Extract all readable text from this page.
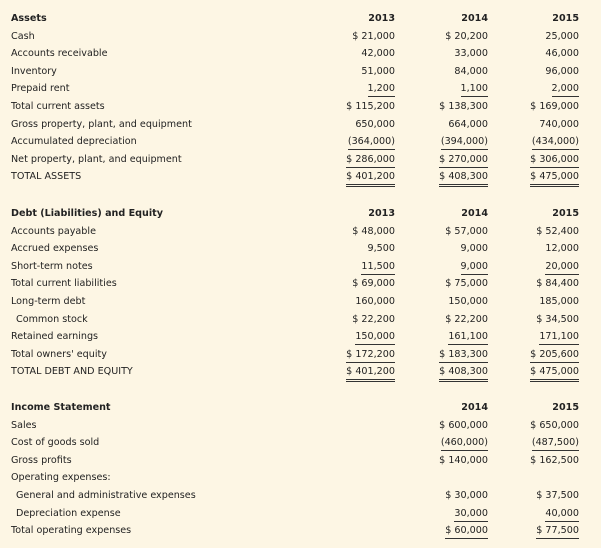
Assets	2013	2014	2015
Cash	$ 21,000	$ 20,200	25,000
Accounts receivable	42,000	33,000	46,000
Inventory	51,000	84,000	96,000
Prepaid rent	1,200	1,100	2,000
Total current assets	$ 115,200	$ 138,300	$ 169,000
Gross property, plant, and equipment	650,000	664,000	740,000
Accumulated depreciation	(364,000)	(394,000)	(434,000)
Net property, plant, and equipment	$ 286,000	$ 270,000	$ 306,000
TOTAL ASSETS	$ 401,200	$ 408,300	$ 475,000
Debt (Liabilities) and Equity	2013	2014	2015
Accounts payable	$ 48,000	$ 57,000	$ 52,400
Accrued expenses	9,500	9,000	12,000
Short-term notes	11,500	9,000	20,000
Total current liabilities	$ 69,000	$ 75,000	$ 84,400
Long-term debt	160,000	150,000	185,000
Common stock	$ 22,200	$ 22,200	$ 34,500
Retained earnings	150,000	161,100	171,100
Total owners' equity	$ 172,200	$ 183,300	$ 205,600
TOTAL DEBT AND EQUITY	$ 401,200	$ 408,300	$ 475,000
Income Statement	2014	2015
Sales	$ 600,000	$ 650,000
Cost of goods sold	(460,000)	(487,500)
Gross profits	$ 140,000	$ 162,500
Operating expenses:
General and administrative expenses	$ 30,000	$ 37,500
Depreciation expense	30,000	40,000
Total operating expenses	$ 60,000	$ 77,500
